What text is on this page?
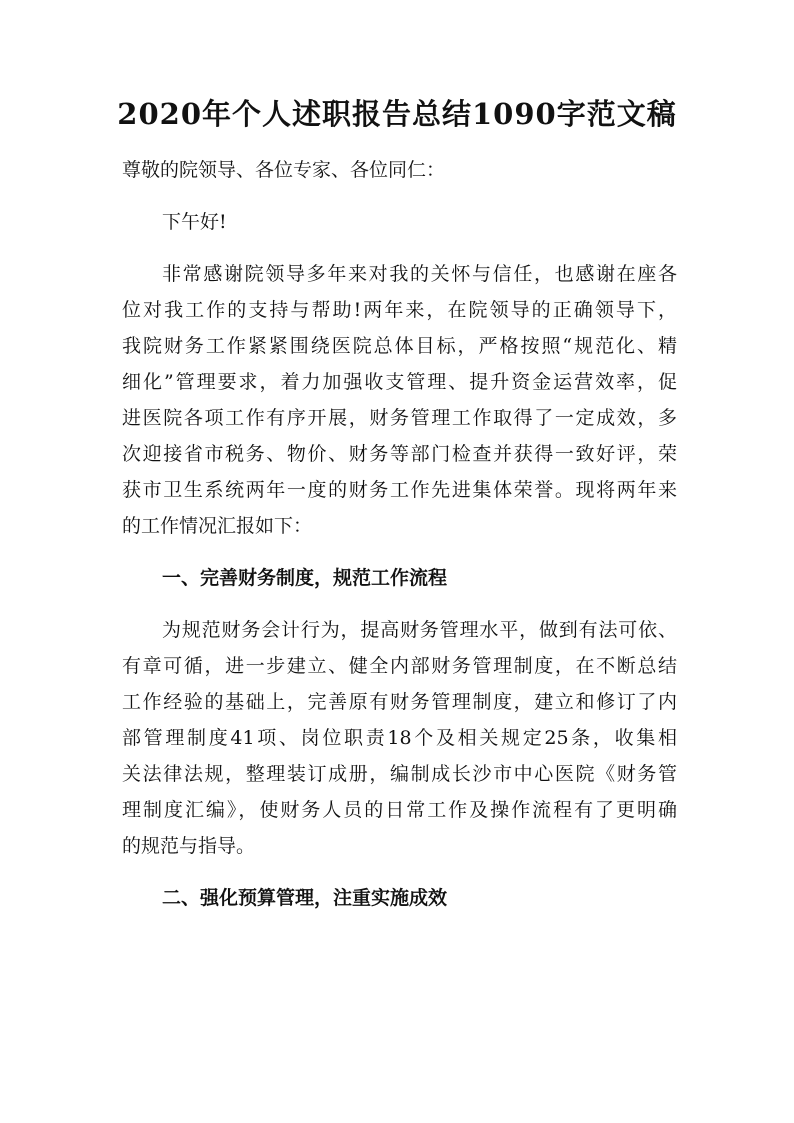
2020年个人述职报告总结1090字范文稿
尊敬的院领导、各位专家、各位同仁：
下午好!
非常感谢院领导多年来对我的关怀与信任，也感谢在座各
位对我工作的支持与帮助!两年来，在院领导的正确领导下，
我院财务工作紧紧围绕医院总体目标，严格按照“规范化、精
细化”管理要求，着力加强收支管理、提升资金运营效率，促
进医院各项工作有序开展，财务管理工作取得了一定成效，多
次迎接省市税务、物价、财务等部门检查并获得一致好评，荣
获市卫生系统两年一度的财务工作先进集体荣誉。现将两年来
的工作情况汇报如下：
一、完善财务制度，规范工作流程
为规范财务会计行为，提高财务管理水平，做到有法可依、
有章可循，进一步建立、健全内部财务管理制度，在不断总结
工作经验的基础上，完善原有财务管理制度，建立和修订了内
部管理制度41项、岗位职责18个及相关规定25条，收集相
关法律法规，整理装订成册，编制成长沙市中心医院《财务管
理制度汇编》，使财务人员的日常工作及操作流程有了更明确
的规范与指导。
二、强化预算管理，注重实施成效
